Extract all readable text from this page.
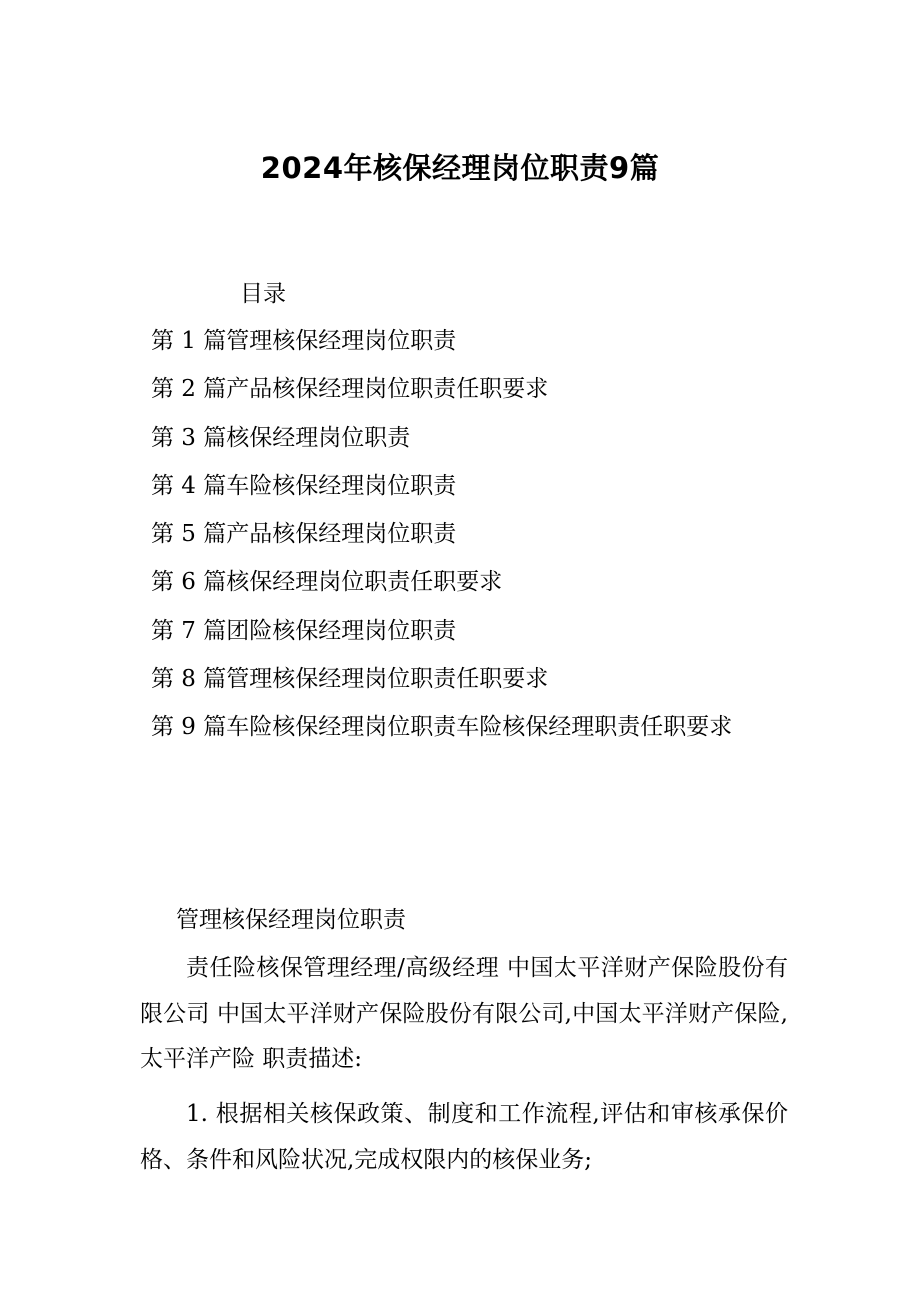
2024年核保经理岗位职责9篇
目录
第 1 篇管理核保经理岗位职责
第 2 篇产品核保经理岗位职责任职要求
第 3 篇核保经理岗位职责
第 4 篇车险核保经理岗位职责
第 5 篇产品核保经理岗位职责
第 6 篇核保经理岗位职责任职要求
第 7 篇团险核保经理岗位职责
第 8 篇管理核保经理岗位职责任职要求
第 9 篇车险核保经理岗位职责车险核保经理职责任职要求
管理核保经理岗位职责

责任险核保管理经理/高级经理 中国太平洋财产保险股份有限公司 中国太平洋财产保险股份有限公司,中国太平洋财产保险,太平洋产险 职责描述:

1. 根据相关核保政策、制度和工作流程,评估和审核承保价格、条件和风险状况,完成权限内的核保业务;
